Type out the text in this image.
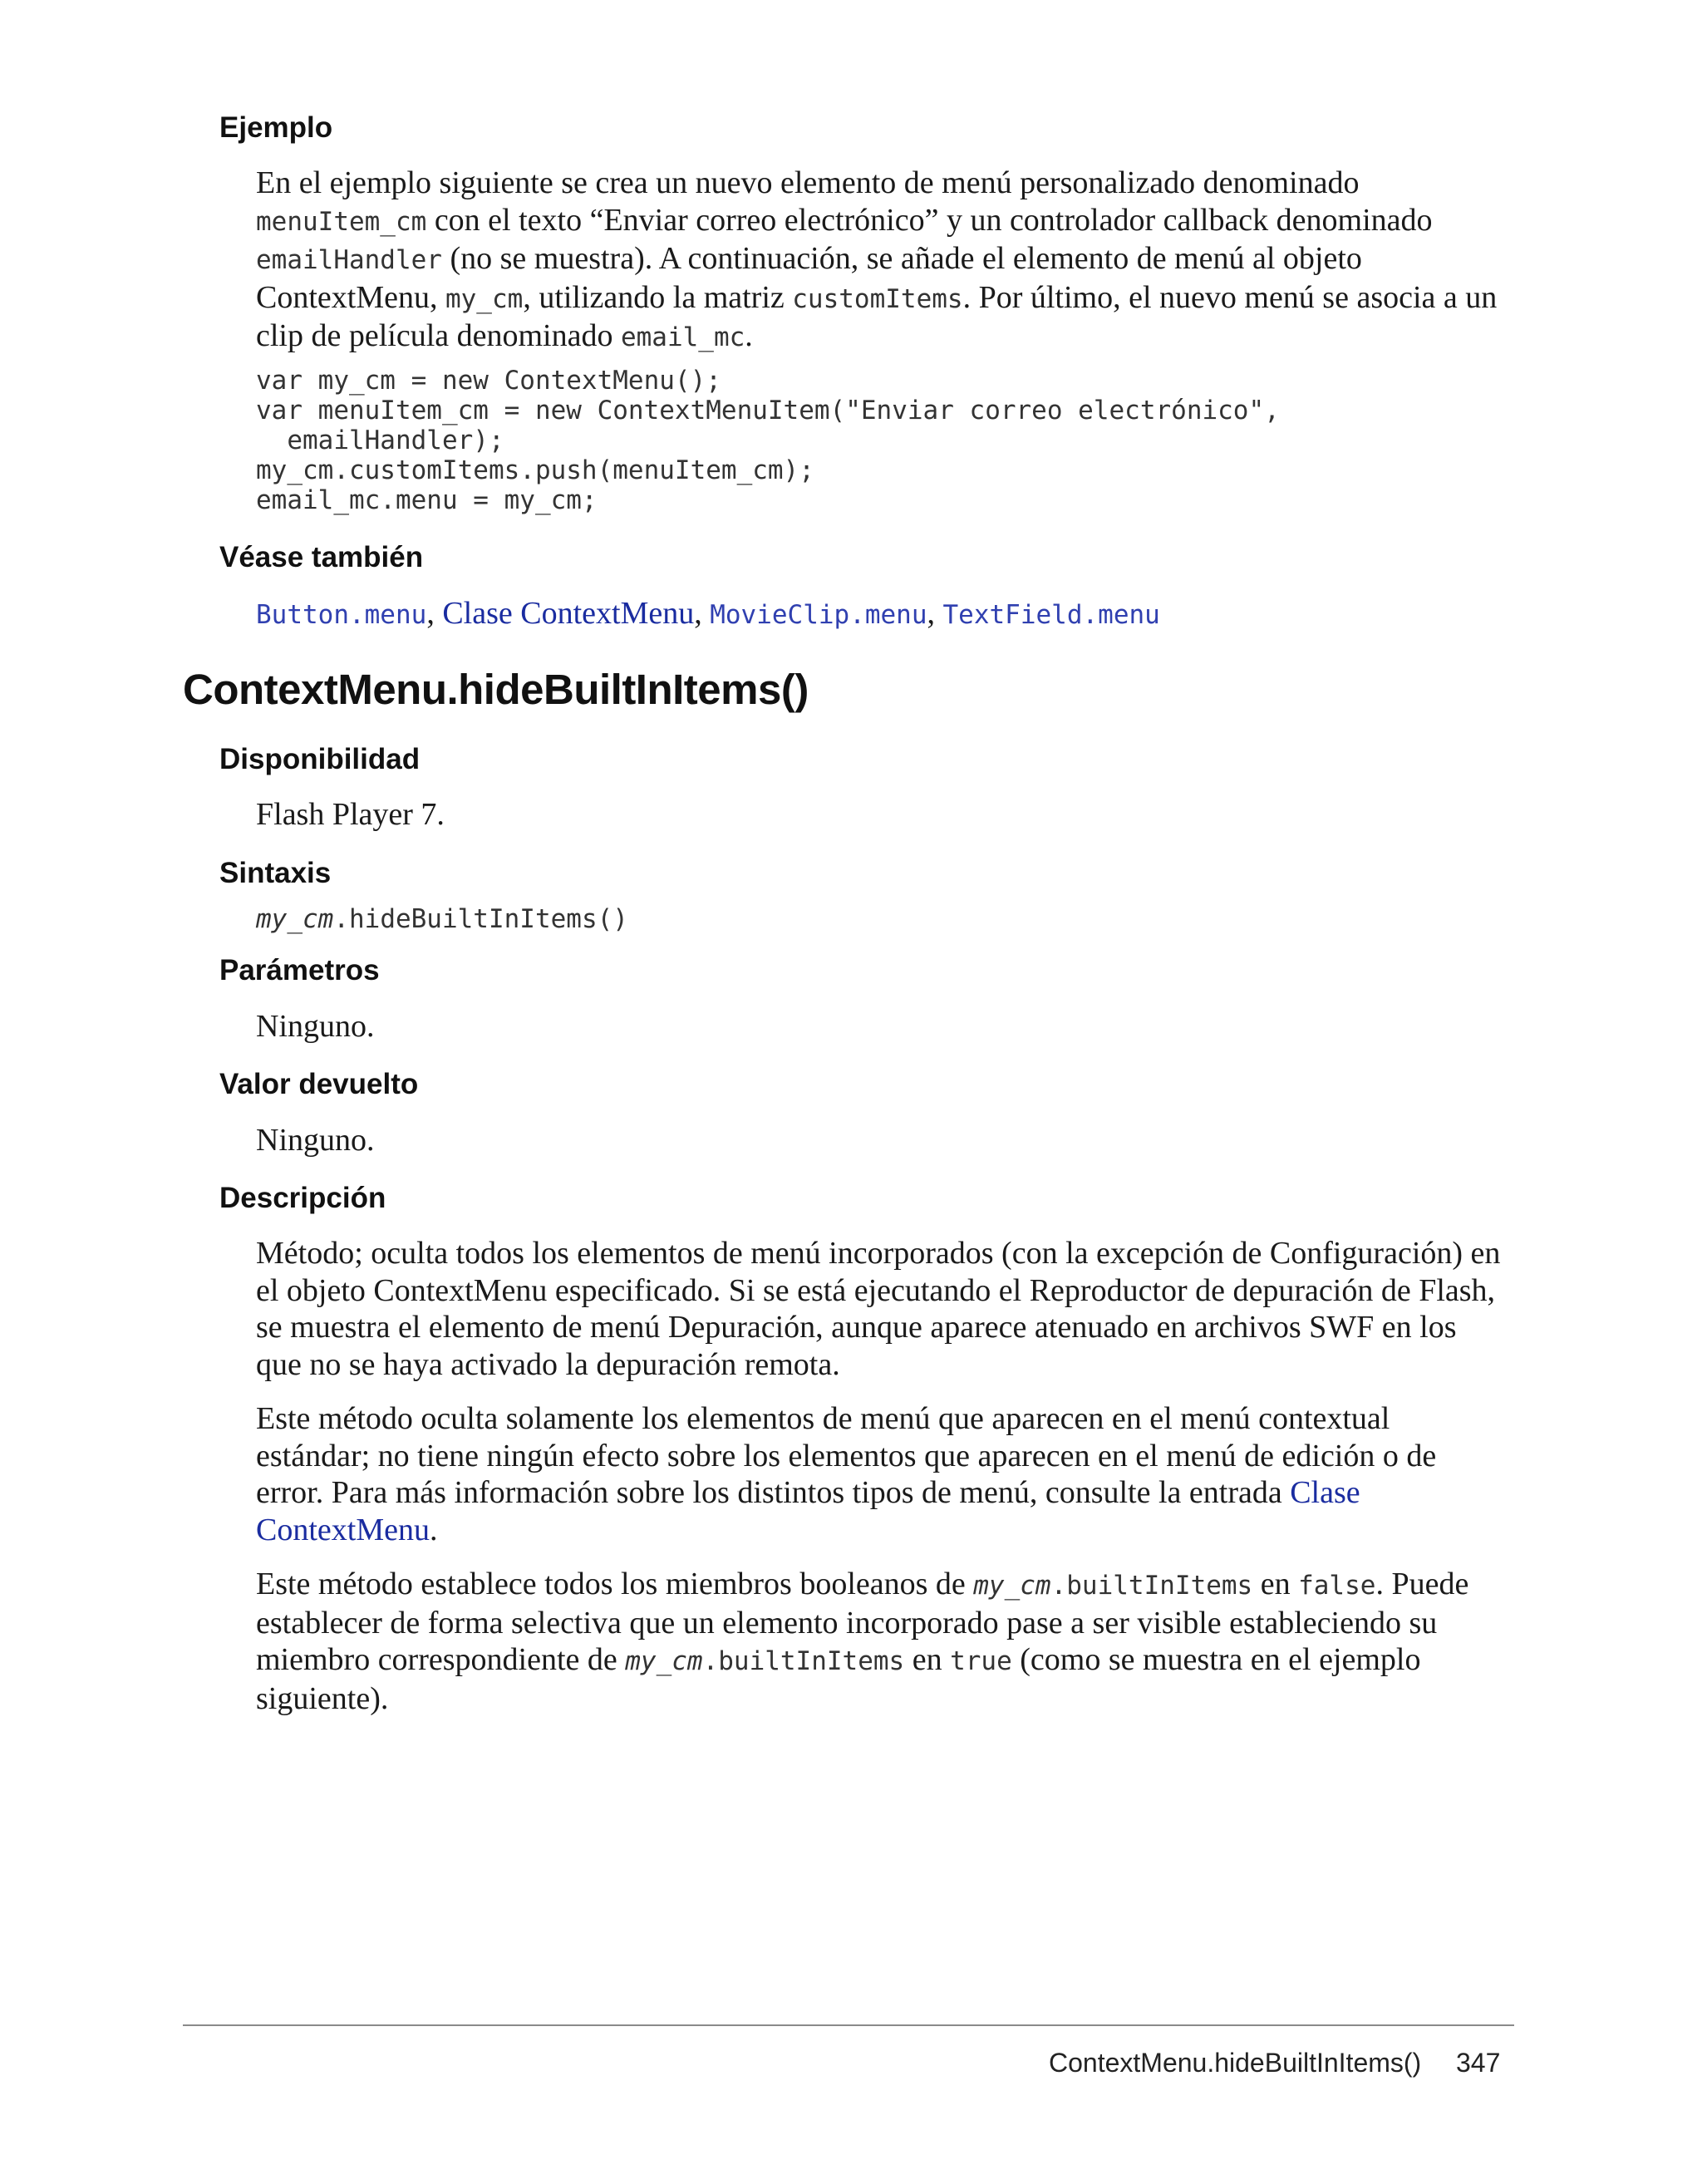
Ejemplo

En el ejemplo siguiente se crea un nuevo elemento de menú personalizado denominado menuItem_cm con el texto “Enviar correo electrónico” y un controlador callback denominado emailHandler (no se muestra). A continuación, se añade el elemento de menú al objeto ContextMenu, my_cm, utilizando la matriz customItems. Por último, el nuevo menú se asocia a un clip de película denominado email_mc.

var my_cm = new ContextMenu();
var menuItem_cm = new ContextMenuItem("Enviar correo electrónico",
emailHandler);
my_cm.customItems.push(menuItem_cm);
email_mc.menu = my_cm;
Véase también

Button.menu, Clase ContextMenu, MovieClip.menu, TextField.menu

ContextMenu.hideBuiltInItems()
Disponibilidad

Flash Player 7.

Sintaxis

my_cm.hideBuiltInItems()

Parámetros

Ninguno.

Valor devuelto

Ninguno.

Descripción

Método; oculta todos los elementos de menú incorporados (con la excepción de Configuración) en el objeto ContextMenu especificado. Si se está ejecutando el Reproductor de depuración de Flash, se muestra el elemento de menú Depuración, aunque aparece atenuado en archivos SWF en los que no se haya activado la depuración remota.

Este método oculta solamente los elementos de menú que aparecen en el menú contextual estándar; no tiene ningún efecto sobre los elementos que aparecen en el menú de edición o de error. Para más información sobre los distintos tipos de menú, consulte la entrada Clase ContextMenu.

Este método establece todos los miembros booleanos de my_cm.builtInItems en false. Puede establecer de forma selectiva que un elemento incorporado pase a ser visible estableciendo su miembro correspondiente de my_cm.builtInItems en true (como se muestra en el ejemplo siguiente).

ContextMenu.hideBuiltInItems() 347
